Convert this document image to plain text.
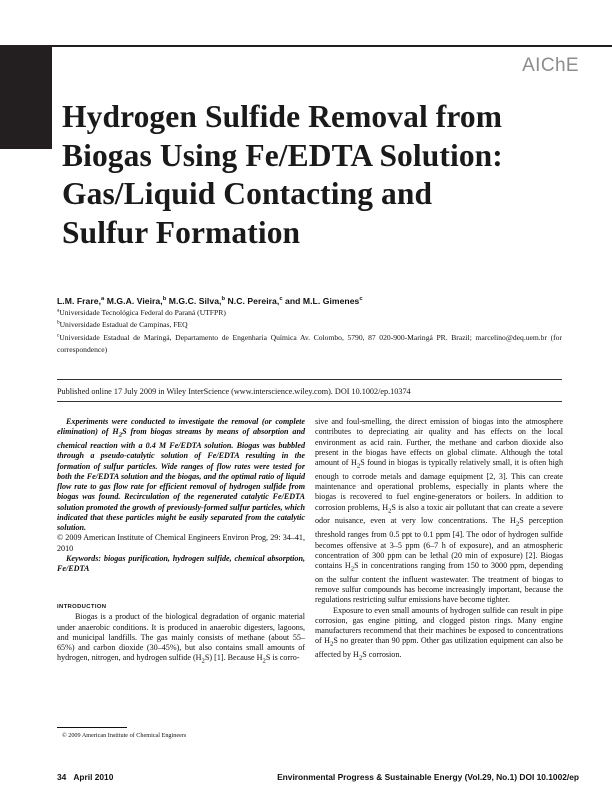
AIChE
Hydrogen Sulfide Removal from
Biogas Using Fe/EDTA Solution:
Gas/Liquid Contacting and
Sulfur Formation
L.M. Frare,$^a$ M.G.A. Vieira,$^b$ M.G.C. Silva,$^b$ N.C. Pereira,$^c$ and M.L. Gimenes$^c$
$^a$Universidade Tecnológica Federal do Paraná (UTFPR)
$^b$Universidade Estadual de Campinas, FEQ
$^c$Universidade Estadual de Maringá, Departamento de Engenharia Química Av. Colombo, 5790, 87 020-900-Maringá PR. Brazil; marcelino@deq.uem.br (for correspondence)
Published online 17 July 2009 in Wiley InterScience (www.interscience.wiley.com). DOI 10.1002/ep.10374

Experiments were conducted to investigate the removal (or complete elimination) of $H_2S$ from biogas streams by means of absorption and chemical reaction with a 0.4 M Fe/EDTA solution. Biogas was bubbled through a pseudo-catalytic solution of Fe/EDTA resulting in the formation of sulfur particles. Wide ranges of flow rates were tested for both the Fe/EDTA solution and the biogas, and the optimal ratio of liquid flow rate to gas flow rate for efficient removal of hydrogen sulfide from biogas was found. Recirculation of the regenerated catalytic Fe/EDTA solution promoted the growth of previously-formed sulfur particles, which indicated that these particles might be easily separated from the catalytic solution.

© 2009 American Institute of Chemical Engineers Environ Prog, 29: 34–41, 2010

Keywords: biogas purification, hydrogen sulfide, chemical absorption, Fe/EDTA

INTRODUCTION

Biogas is a product of the biological degradation of organic material under anaerobic conditions. It is produced in anaerobic digesters, lagoons, and municipal landfills. The gas mainly consists of methane (about 55–65%) and carbon dioxide (30–45%), but also contains small amounts of hydrogen, nitrogen, and hydrogen sulfide $(H_2S)$ [1]. Because $H_2S$ is corro-

sive and foul-smelling, the direct emission of biogas into the atmosphere contributes to depreciating air quality and has effects on the local environment as acid rain. Further, the methane and carbon dioxide also present in the biogas have effects on global climate. Although the total amount of $H_2S$ found in biogas is typically relatively small, it is often high enough to corrode metals and damage equipment [2, 3]. This can create maintenance and operational problems, especially in plants where the biogas is recovered to fuel engine-generators or boilers. In addition to corrosion problems, $H_2S$ is also a toxic air pollutant that can create a severe odor nuisance, even at very low concentrations. The $H_2S$ perception threshold ranges from 0.5 ppt to 0.1 ppm [4]. The odor of hydrogen sulfide becomes offensive at 3–5 ppm (6–7 h of exposure), and an atmospheric concentration of 300 ppm can be lethal (20 min of exposure) [2]. Biogas contains $H_2S$ in concentrations ranging from 150 to 3000 ppm, depending on the sulfur content the influent wastewater. The treatment of biogas to remove sulfur compounds has become increasingly important, because the regulations restricting sulfur emissions have become tighter.

Exposure to even small amounts of hydrogen sulfide can result in pipe corrosion, gas engine pitting, and clogged piston rings. Many engine manufacturers recommend that their machines be exposed to concentrations of $H_2S$ no greater than 90 ppm. Other gas utilization equipment can also be affected by $H_2S$ corrosion.

© 2009 American Institute of Chemical Engineers
34 April 2010	Environmental Progress & Sustainable Energy (Vol.29, No.1) DOI 10.1002/ep
